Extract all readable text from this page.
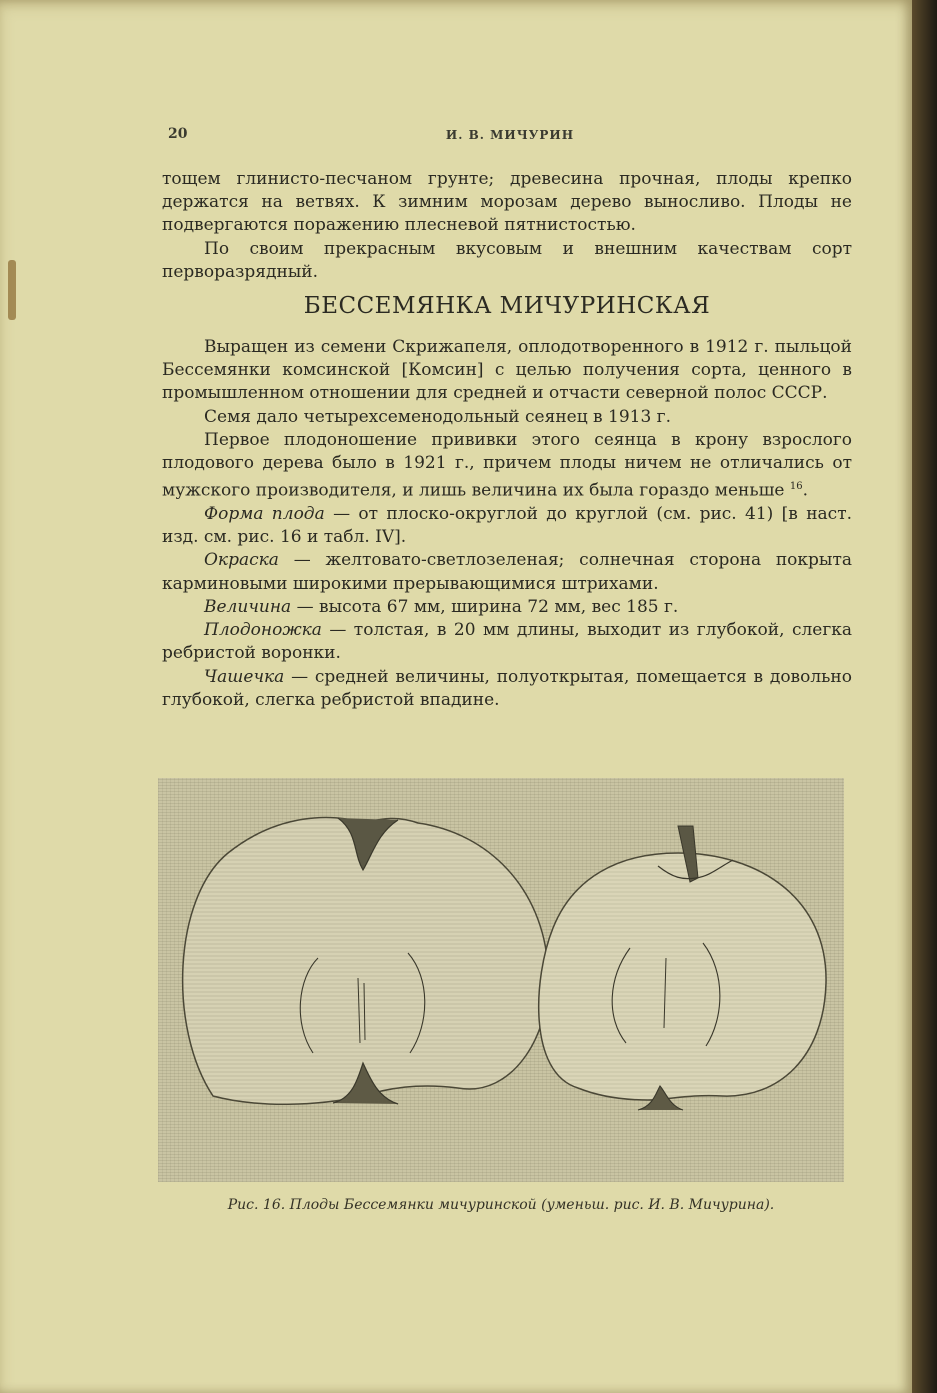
20	И. В. МИЧУРИН

тощем глинисто-песчаном грунте; древесина прочная, плоды крепко держатся на ветвях. К зимним морозам дерево выносливо. Плоды не подвергаются поражению плесневой пятнистостью.

По своим прекрасным вкусовым и внешним качествам сорт перворазрядный.

БЕССЕМЯНКА МИЧУРИНСКАЯ

Выращен из семени Скрижапеля, оплодотворенного в 1912 г. пыльцой Бессемянки комсинской [Комсин] с целью получения сорта, ценного в промышленном отношении для средней и отчасти северной полос СССР.

Семя дало четырехсеменодольный сеянец в 1913 г.

Первое плодоношение прививки этого сеянца в крону взрослого плодового дерева было в 1921 г., причем плоды ничем не отличались от мужского производителя, и лишь величина их была гораздо меньше $^{16}$.

Форма плода — от плоско-округлой до круглой (см. рис. 41) [в наст. изд. см. рис. 16 и табл. IV].

Окраска — желтовато-светлозеленая; солнечная сторона покрыта карминовыми широкими прерывающимися штрихами.

Величина — высота 67 мм, ширина 72 мм, вес 185 г.

Плодоножка — толстая, в 20 мм длины, выходит из глубокой, слегка ребристой воронки.

Чашечка — средней величины, полуоткрытая, помещается в довольно глубокой, слегка ребристой впадине.

Рис. 16. Плоды Бессемянки мичуринской (уменьш. рис. И. В. Мичурина).
